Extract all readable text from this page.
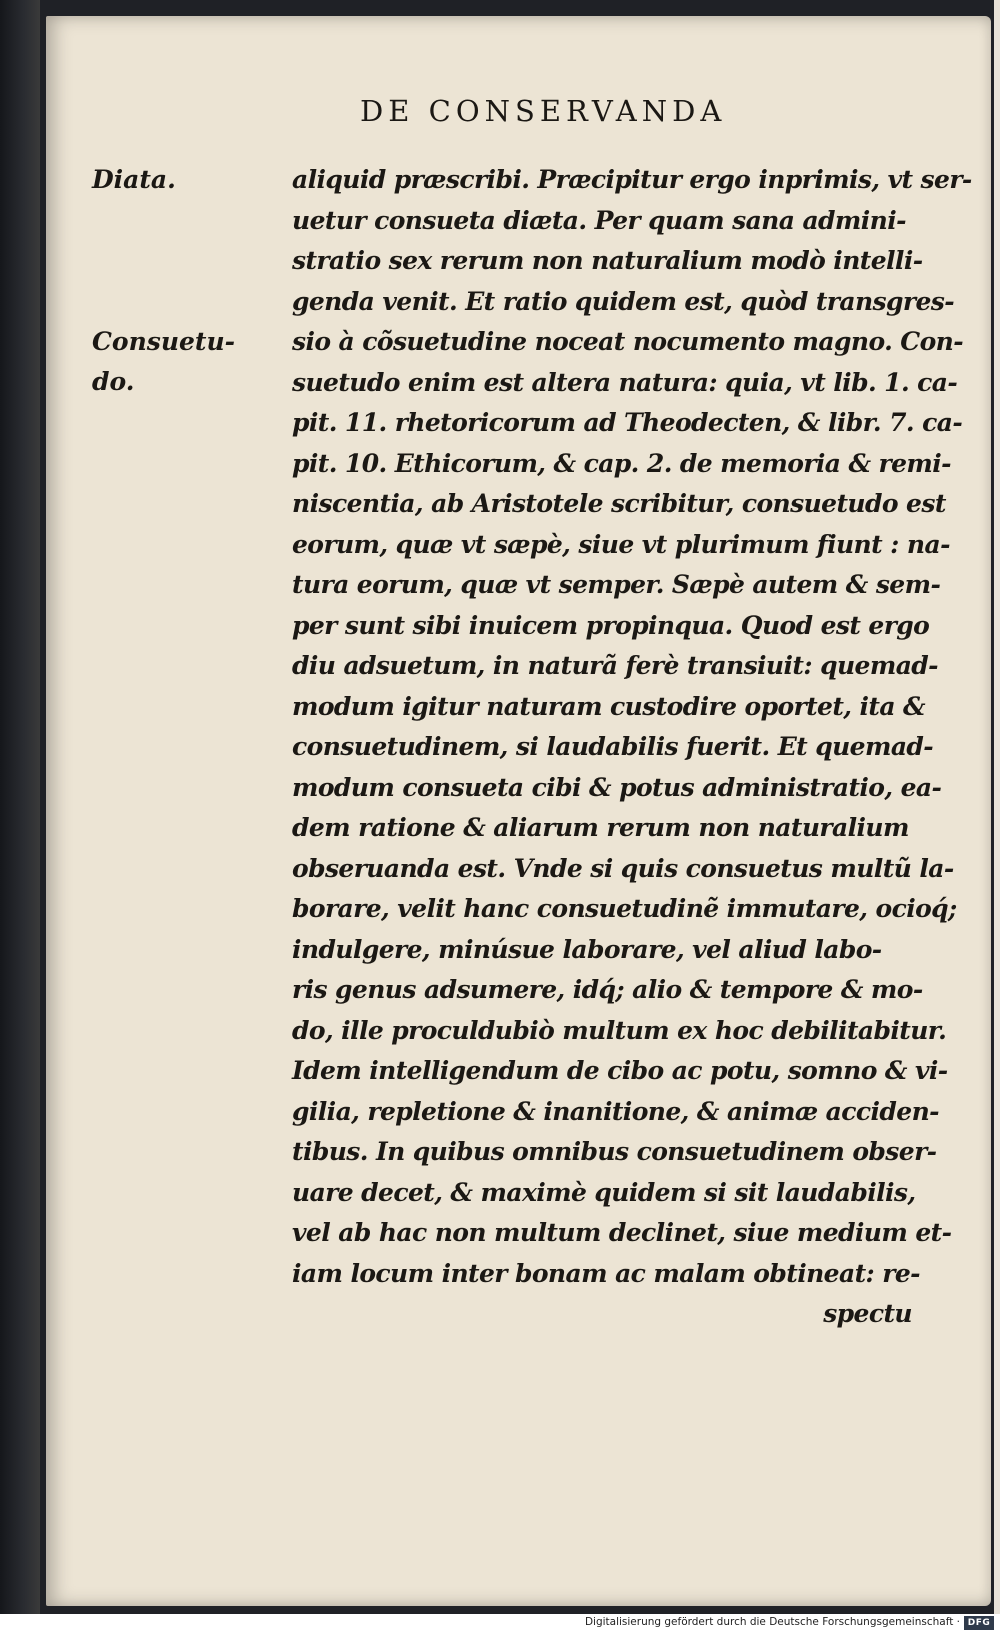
DE CONSERVANDA
Diata.
Consuetu-
do.
aliquid præscribi. Præcipitur ergo inprimis, vt ser-
uetur consueta diæta. Per quam sana admini-
stratio sex rerum non naturalium modò intelli-
genda venit. Et ratio quidem est, quòd transgres-
sio à cõsuetudine noceat nocumento magno. Con-
suetudo enim est altera natura: quia, vt lib. 1. ca-
pit. 11. rhetoricorum ad Theodecten, & libr. 7. ca-
pit. 10. Ethicorum, & cap. 2. de memoria & remi-
niscentia, ab Aristotele scribitur, consuetudo est
eorum, quæ vt sæpè, siue vt plurimum fiunt : na-
tura eorum, quæ vt semper. Sæpè autem & sem-
per sunt sibi inuicem propinqua. Quod est ergo
diu adsuetum, in naturã ferè transiuit: quemad-
modum igitur naturam custodire oportet, ita &
consuetudinem, si laudabilis fuerit. Et quemad-
modum consueta cibi & potus administratio, ea-
dem ratione & aliarum rerum non naturalium
obseruanda est. Vnde si quis consuetus multũ la-
borare, velit hanc consuetudinẽ immutare, ocioq́;
indulgere, minúsue laborare, vel aliud labo-
ris genus adsumere, idq́; alio & tempore & mo-
do, ille proculdubiò multum ex hoc debilitabitur.
Idem intelligendum de cibo ac potu, somno & vi-
gilia, repletione & inanitione, & animæ acciden-
tibus. In quibus omnibus consuetudinem obser-
uare decet, & maximè quidem si sit laudabilis,
vel ab hac non multum declinet, siue medium et-
iam locum inter bonam ac malam obtineat: re-
spectu
Digitalisierung gefördert durch die Deutsche Forschungsgemeinschaft · DFG
